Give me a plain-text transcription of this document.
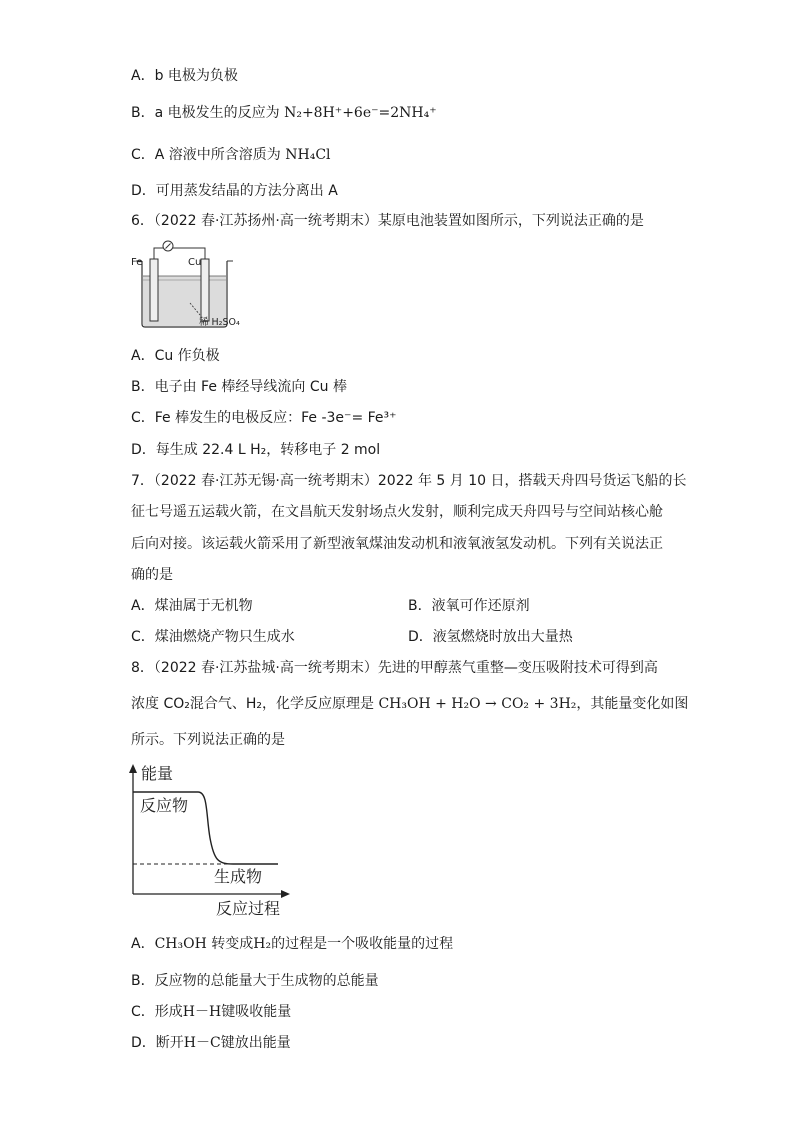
A．b 电极为负极
B．a 电极发生的反应为 N₂+8H⁺+6e⁻=2NH₄⁺
C．A 溶液中所含溶质为 NH₄Cl
D．可用蒸发结晶的方法分离出 A
6．（2022 春·江苏扬州·高一统考期末）某原电池装置如图所示，下列说法正确的是
Fe	Cu
稀 H₂SO₄
A．Cu 作负极
B．电子由 Fe 棒经导线流向 Cu 棒
C．Fe 棒发生的电极反应：Fe -3e⁻= Fe³⁺
D．每生成 22.4 L H₂，转移电子 2 mol
7．（2022 春·江苏无锡·高一统考期末）2022 年 5 月 10 日，搭载天舟四号货运飞船的长
征七号遥五运载火箭，在文昌航天发射场点火发射，顺利完成天舟四号与空间站核心舱
后向对接。该运载火箭采用了新型液氧煤油发动机和液氧液氢发动机。下列有关说法正
确的是
A．煤油属于无机物	B．液氧可作还原剂
C．煤油燃烧产物只生成水	D．液氢燃烧时放出大量热
8．（2022 春·江苏盐城·高一统考期末）先进的甲醇蒸气重整—变压吸附技术可得到高
浓度 CO₂混合气、H₂，化学反应原理是 CH₃OH + H₂O → CO₂ + 3H₂，其能量变化如图
所示。下列说法正确的是
能量
反应物
生成物
反应过程
A．CH₃OH 转变成H₂的过程是一个吸收能量的过程
B．反应物的总能量大于生成物的总能量
C．形成H－H键吸收能量
D．断开H－C键放出能量
